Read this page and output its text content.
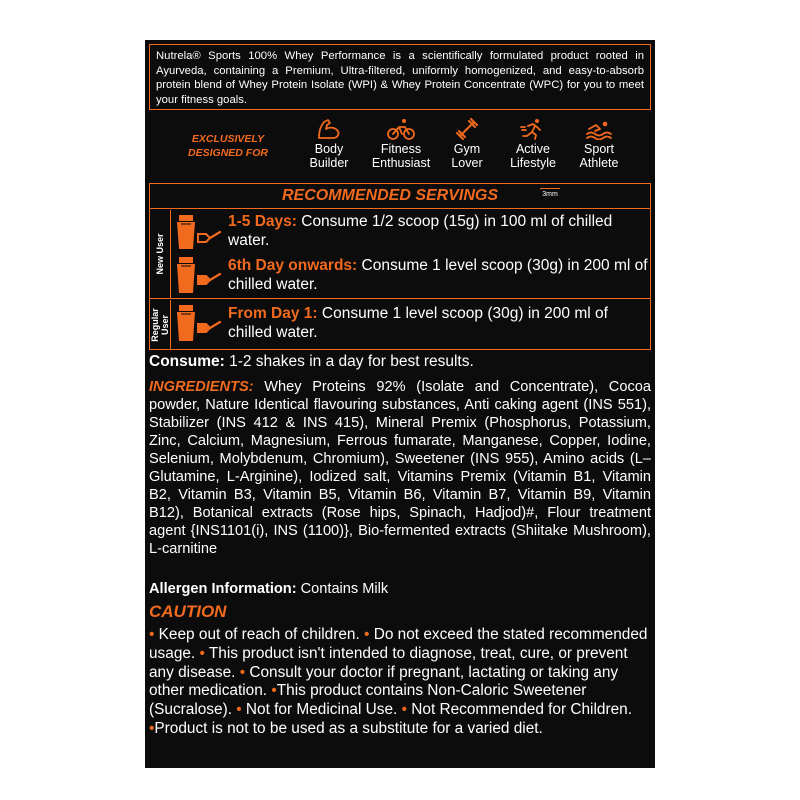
Nutrela® Sports 100% Whey Performance is a scientifically formulated product rooted in Ayurveda, containing a Premium, Ultra-filtered, uniformly homogenized, and easy-to-absorb protein blend of Whey Protein Isolate (WPI) & Whey Protein Concentrate (WPC) for you to meet your fitness goals.
EXCLUSIVELY
DESIGNED FOR	Body
Builder
Fitness
Enthusiast
Gym
Lover
Active
Lifestyle
Sport
Athlete
RECOMMENDED SERVINGS	3mm
New User
Regular User
1-5 Days: Consume 1/2 scoop (15g) in 100 ml of chilled water.
6th Day onwards: Consume 1 level scoop (30g) in 200 ml of chilled water.
From Day 1: Consume 1 level scoop (30g) in 200 ml of chilled water.
Consume: 1-2 shakes in a day for best results.
INGREDIENTS: Whey Proteins 92% (Isolate and Concentrate), Cocoa powder, Nature Identical flavouring substances, Anti caking agent (INS 551), Stabilizer (INS 412 & INS 415), Mineral Premix (Phosphorus, Potassium, Zinc, Calcium, Magnesium, Ferrous fumarate, Manganese, Copper, Iodine, Selenium, Molybdenum, Chromium), Sweetener (INS 955), Amino acids (L–Glutamine, L-Arginine), Iodized salt, Vitamins Premix (Vitamin B1, Vitamin B2, Vitamin B3, Vitamin B5, Vitamin B6, Vitamin B7, Vitamin B9, Vitamin B12), Botanical extracts (Rose hips, Spinach, Hadjod)#, Flour treatment agent {INS1101(i), INS (1100)}, Bio-fermented extracts (Shiitake Mushroom), L-carnitine
Allergen Information: Contains Milk
CAUTION
• Keep out of reach of children. • Do not exceed the stated recommended usage. • This product isn't intended to diagnose, treat, cure, or prevent any disease. • Consult your doctor if pregnant, lactating or taking any other medication. •This product contains Non-Caloric Sweetener (Sucralose). • Not for Medicinal Use. • Not Recommended for Children. •Product is not to be used as a substitute for a varied diet.
